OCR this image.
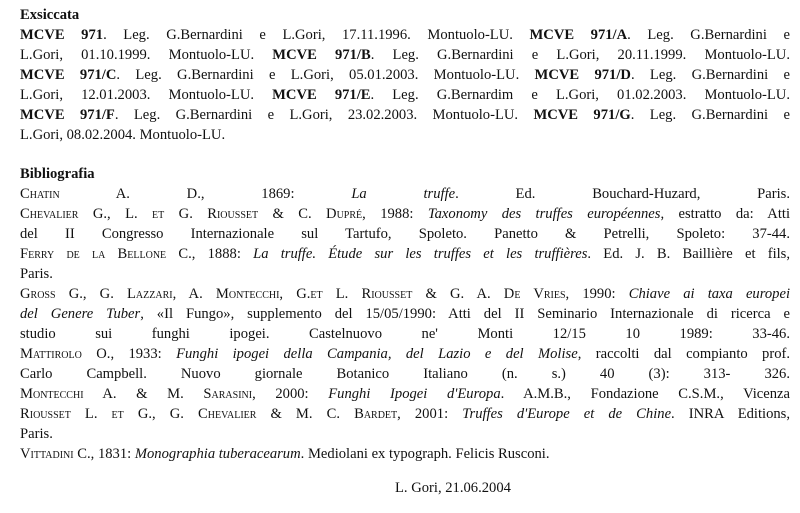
Exsiccata
MCVE 971. Leg. G.Bernardini e L.Gori, 17.11.1996. Montuolo-LU. MCVE 971/A. Leg. G.Bernardini e
L.Gori, 01.10.1999. Montuolo-LU. MCVE 971/B. Leg. G.Bernardini e L.Gori, 20.11.1999. Montuolo-LU.
MCVE 971/C. Leg. G.Bernardini e L.Gori, 05.01.2003. Montuolo-LU. MCVE 971/D. Leg. G.Bernardini e
L.Gori, 12.01.2003. Montuolo-LU. MCVE 971/E. Leg. G.Bernardim e L.Gori, 01.02.2003. Montuolo-LU.
MCVE 971/F. Leg. G.Bernardini e L.Gori, 23.02.2003. Montuolo-LU. MCVE 971/G. Leg. G.Bernardini e
L.Gori, 08.02.2004. Montuolo-LU.
Bibliografia
Chatin A. D., 1869: La truffe. Ed. Bouchard-Huzard, Paris.
Chevalier G., L. et G. Riousset & C. Dupré, 1988: Taxonomy des truffes européennes, estratto da: Atti
del II Congresso Internazionale sul Tartufo, Spoleto. Panetto & Petrelli, Spoleto: 37-44.
Ferry de la Bellone C., 1888: La truffe. Étude sur les truffes et les truffières. Ed. J. B. Baillière et fils,
Paris.
Gross G., G. Lazzari, A. Montecchi, G.et L. Riousset & G. A. De Vries, 1990: Chiave ai taxa europei
del Genere Tuber, «Il Fungo», supplemento del 15/05/1990: Atti del II Seminario Internazionale di ricerca e
studio sui funghi ipogei. Castelnuovo ne' Monti 12/15 10 1989: 33-46.
Mattirolo O., 1933: Funghi ipogei della Campania, del Lazio e del Molise, raccolti dal compianto prof.
Carlo Campbell. Nuovo giornale Botanico Italiano (n. s.) 40 (3): 313- 326.
Montecchi A. & M. Sarasini, 2000: Funghi Ipogei d'Europa. A.M.B., Fondazione C.S.M., Vicenza
Riousset L. et G., G. Chevalier & M. C. Bardet, 2001: Truffes d'Europe et de Chine. INRA Editions,
Paris.
Vittadini C., 1831: Monographia tuberacearum. Mediolani ex typograph. Felicis Rusconi.
L. Gori, 21.06.2004
